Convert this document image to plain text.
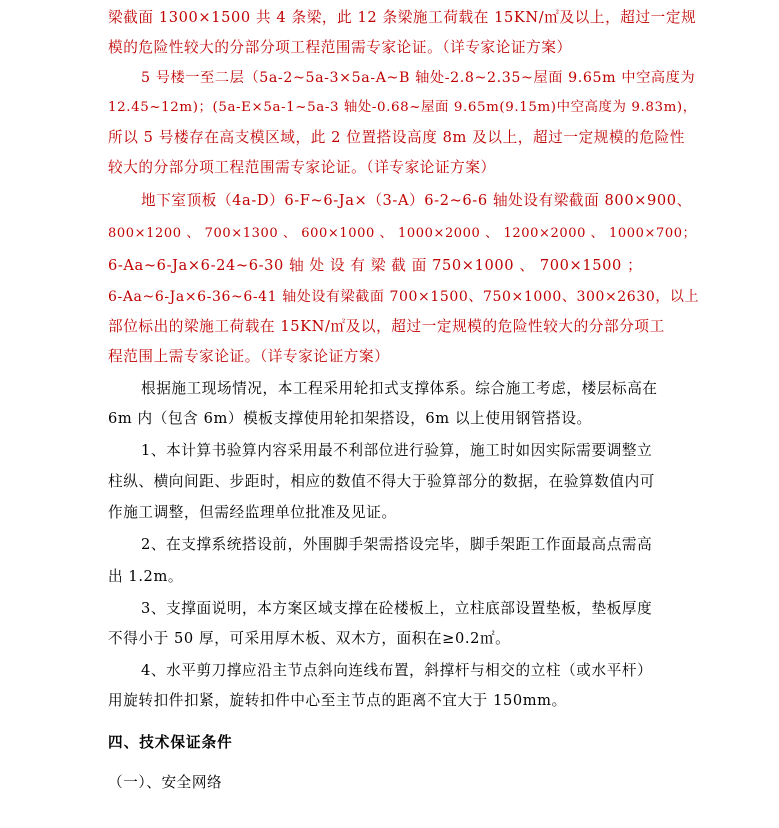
梁截面 1300×1500 共 4 条梁，此 12 条梁施工荷载在 15KN/㎡及以上，超过一定规
模的危险性较大的分部分项工程范围需专家论证。（详专家论证方案）
5 号楼一至二层（5a-2~5a-3×5a-A~B 轴处-2.8~2.35~屋面 9.65m 中空高度为
12.45~12m)；(5a-E×5a-1~5a-3 轴处-0.68~屋面 9.65m(9.15m)中空高度为 9.83m)，
所以 5 号楼存在高支模区域，此 2 位置搭设高度 8m 及以上，超过一定规模的危险性
较大的分部分项工程范围需专家论证。（详专家论证方案）
地下室顶板（4a-D）6-F~6-Ja×（3-A）6-2~6-6 轴处设有梁截面 800×900、
800×1200 、 700×1300 、 600×1000 、 1000×2000 、 1200×2000 、 1000×700；
6-Aa~6-Ja×6-24~6-30 轴 处 设 有 梁 截 面 750×1000 、 700×1500 ；
6-Aa~6-Ja×6-36~6-41 轴处设有梁截面 700×1500、750×1000、300×2630，以上
部位标出的梁施工荷载在 15KN/㎡及以，超过一定规模的危险性较大的分部分项工
程范围上需专家论证。（详专家论证方案）
根据施工现场情况，本工程采用轮扣式支撑体系。综合施工考虑，楼层标高在
6m 内（包含 6m）模板支撑使用轮扣架搭设，6m 以上使用钢管搭设。
1、本计算书验算内容采用最不利部位进行验算，施工时如因实际需要调整立
柱纵、横向间距、步距时，相应的数值不得大于验算部分的数据，在验算数值内可
作施工调整，但需经监理单位批准及见证。
2、在支撑系统搭设前，外围脚手架需搭设完毕，脚手架距工作面最高点需高
出 1.2m。
3、支撑面说明，本方案区域支撑在砼楼板上，立柱底部设置垫板，垫板厚度
不得小于 50 厚，可采用厚木板、双木方，面积在≥0.2㎡。
4、水平剪刀撑应沿主节点斜向连线布置，斜撑杆与相交的立柱（或水平杆）
用旋转扣件扣紧，旋转扣件中心至主节点的距离不宜大于 150mm。
四、技术保证条件
（一）、安全网络
